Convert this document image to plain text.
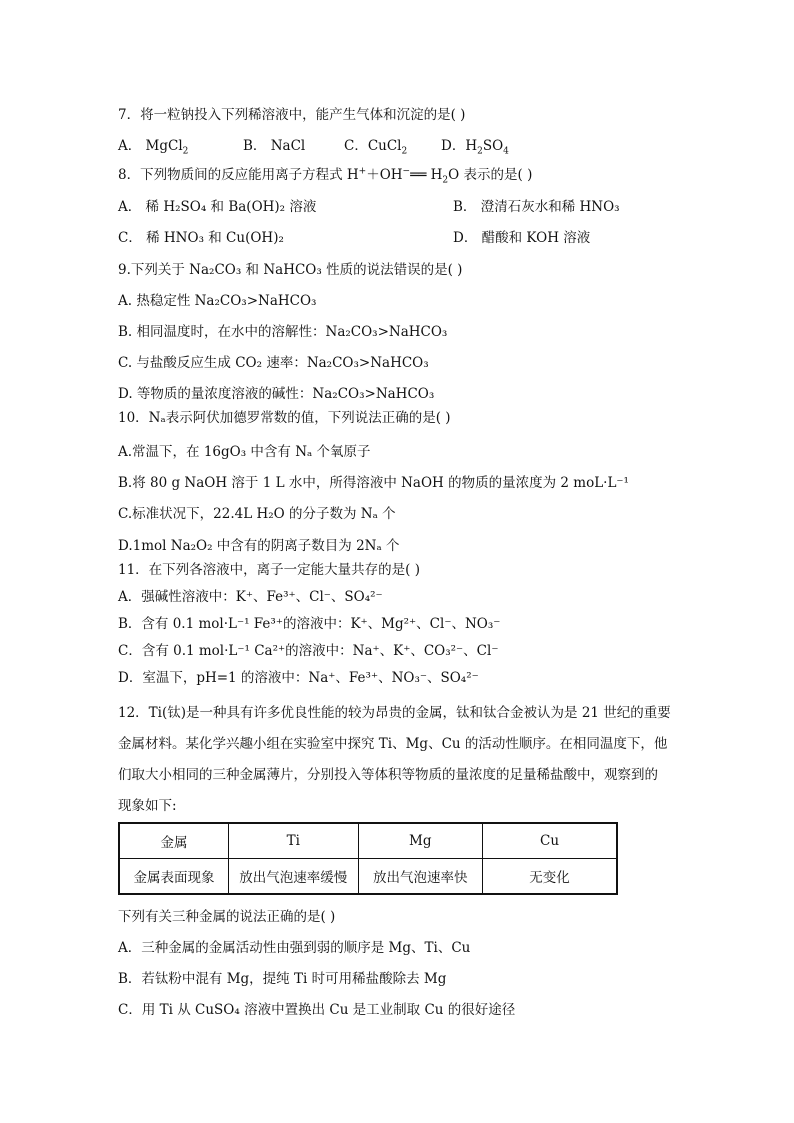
7．将一粒钠投入下列稀溶液中，能产生气体和沉淀的是( )
A． MgCl$_2$	B． NaCl	C．CuCl$_2$	D．$H_2SO_4$
8．下列物质间的反应能用离子方程式 H+＋OH−══ $H_2O$ 表示的是( )
A． 稀 H₂SO₄ 和 Ba(OH)₂ 溶液	B． 澄清石灰水和稀 HNO₃
C． 稀 HNO₃ 和 Cu(OH)₂	D． 醋酸和 KOH 溶液
9.下列关于 Na₂CO₃ 和 NaHCO₃ 性质的说法错误的是( )
A. 热稳定性 Na₂CO₃>NaHCO₃
B. 相同温度时，在水中的溶解性：Na₂CO₃>NaHCO₃
C. 与盐酸反应生成 CO₂ 速率：Na₂CO₃>NaHCO₃
D. 等物质的量浓度溶液的碱性：Na₂CO₃>NaHCO₃
10．Nₐ表示阿伏加德罗常数的值，下列说法正确的是( )
A.常温下，在 16gO₃ 中含有 Nₐ 个氧原子
B.将 80 g NaOH 溶于 1 L 水中，所得溶液中 NaOH 的物质的量浓度为 2 moL·L⁻¹
C.标准状况下，22.4L H₂O 的分子数为 Nₐ 个
D.1mol Na₂O₂ 中含有的阴离子数目为 2Nₐ 个
11．在下列各溶液中，离子一定能大量共存的是( )
A．强碱性溶液中：K⁺、Fe³⁺、Cl⁻、SO₄²⁻
B．含有 0.1 mol·L⁻¹ Fe³⁺的溶液中：K⁺、Mg²⁺、Cl⁻、NO₃⁻
C．含有 0.1 mol·L⁻¹ Ca²⁺的溶液中：Na⁺、K⁺、CO₃²⁻、Cl⁻
D．室温下，pH=1 的溶液中：Na⁺、Fe³⁺、NO₃⁻、SO₄²⁻
12．Ti(钛)是一种具有许多优良性能的较为昂贵的金属，钛和钛合金被认为是 21 世纪的重要
金属材料。某化学兴趣小组在实验室中探究 Ti、Mg、Cu 的活动性顺序。在相同温度下，他
们取大小相同的三种金属薄片，分别投入等体积等物质的量浓度的足量稀盐酸中，观察到的
现象如下:
金属	Ti	Mg	Cu
金属表面现象	放出气泡速率缓慢	放出气泡速率快	无变化
下列有关三种金属的说法正确的是( )
A．三种金属的金属活动性由强到弱的顺序是 Mg、Ti、Cu
B．若钛粉中混有 Mg，提纯 Ti 时可用稀盐酸除去 Mg
C．用 Ti 从 CuSO₄ 溶液中置换出 Cu 是工业制取 Cu 的很好途径
